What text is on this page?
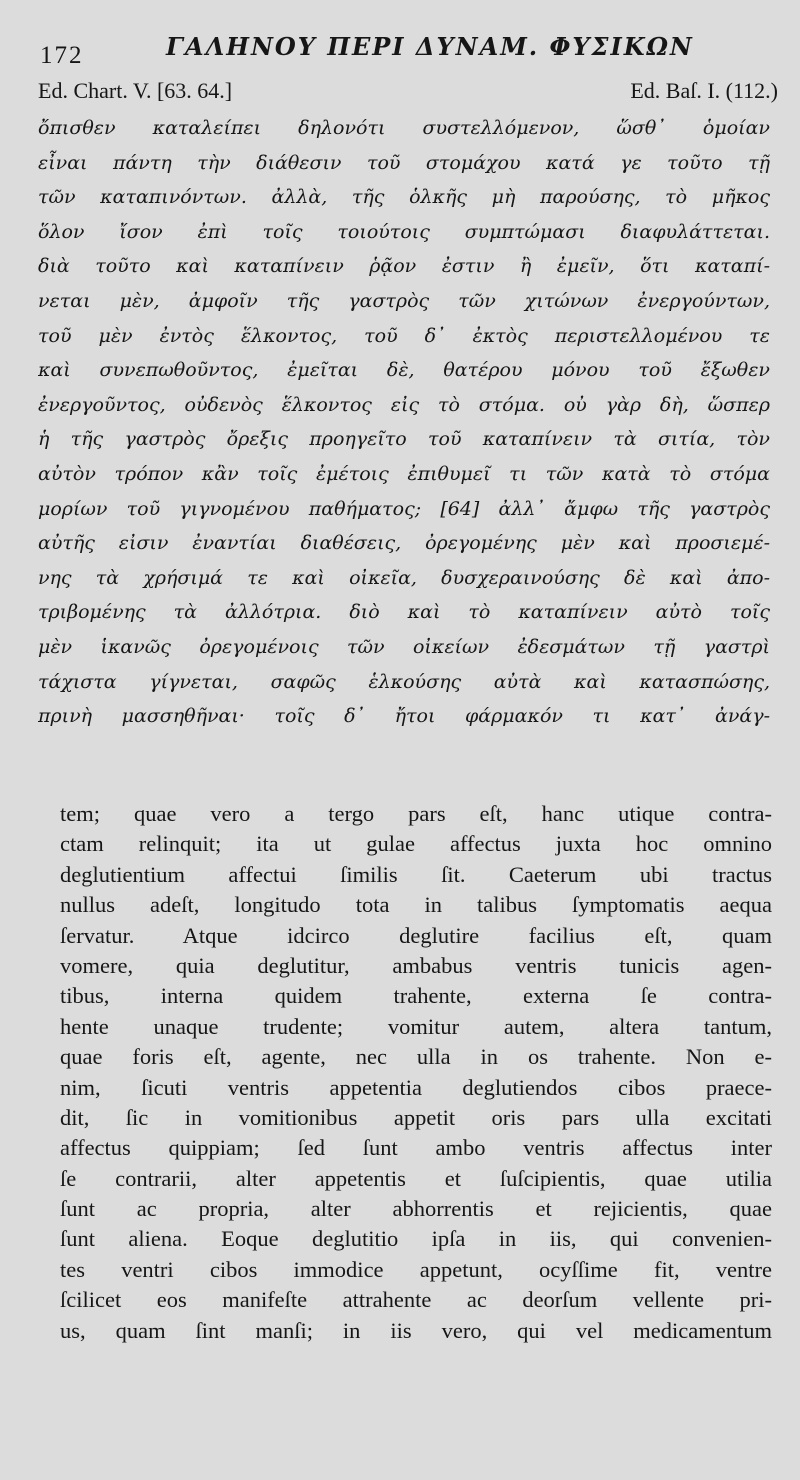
172	ΓΑΛΗΝΟΥ ΠΕΡΙ ΔΥΝΑΜ. ΦΥΣΙΚΩΝ
Ed. Chart. V. [63. 64.]	Ed. Baſ. I. (112.)
ὄπισθεν καταλείπει δηλονότι συστελλόμενον, ὥσθ᾽ ὁμοίαν
εἶναι πάντη τὴν διάθεσιν τοῦ στομάχου κατά γε τοῦτο τῇ
τῶν καταπινόντων. ἀλλὰ, τῆς ὁλκῆς μὴ παρούσης, τὸ μῆκος
ὅλον ἴσον ἐπὶ τοῖς τοιούτοις συμπτώμασι διαφυλάττεται.
διὰ τοῦτο καὶ καταπίνειν ῥᾷον ἐστιν ἢ ἐμεῖν, ὅτι καταπί-
νεται μὲν, ἀμφοῖν τῆς γαστρὸς τῶν χιτώνων ἐνεργούντων,
τοῦ μὲν ἐντὸς ἕλκοντος, τοῦ δ᾽ ἐκτὸς περιστελλομένου τε
καὶ συνεπωθοῦντος, ἐμεῖται δὲ, θατέρου μόνου τοῦ ἔξωθεν
ἐνεργοῦντος, οὐδενὸς ἕλκοντος εἰς τὸ στόμα. οὐ γὰρ δὴ, ὥσπερ
ἡ τῆς γαστρὸς ὄρεξις προηγεῖτο τοῦ καταπίνειν τὰ σιτία, τὸν
αὐτὸν τρόπον κἂν τοῖς ἐμέτοις ἐπιθυμεῖ τι τῶν κατὰ τὸ στόμα
μορίων τοῦ γιγνομένου παθήματος; [64] ἀλλ᾽ ἄμφω τῆς γαστρὸς
αὐτῆς εἰσιν ἐναντίαι διαθέσεις, ὀρεγομένης μὲν καὶ προσιεμέ-
νης τὰ χρήσιμά τε καὶ οἰκεῖα, δυσχεραινούσης δὲ καὶ ἀπο-
τριβομένης τὰ ἀλλότρια. διὸ καὶ τὸ καταπίνειν αὐτὸ τοῖς
μὲν ἱκανῶς ὀρεγομένοις τῶν οἰκείων ἐδεσμάτων τῇ γαστρὶ
τάχιστα γίγνεται, σαφῶς ἑλκούσης αὐτὰ καὶ κατασπώσης,
πρινὴ μασσηθῆναι· τοῖς δ᾽ ἤτοι φάρμακόν τι κατ᾽ ἀνάγ-
tem; quae vero a tergo pars eſt, hanc utique contra-
ctam relinquit; ita ut gulae affectus juxta hoc omnino
deglutientium affectui ſimilis ſit. Caeterum ubi tractus
nullus adeſt, longitudo tota in talibus ſymptomatis aequa
ſervatur. Atque idcirco deglutire facilius eſt, quam
vomere, quia deglutitur, ambabus ventris tunicis agen-
tibus, interna quidem trahente, externa ſe contra-
hente unaque trudente; vomitur autem, altera tantum,
quae foris eſt, agente, nec ulla in os trahente. Non e-
nim, ſicuti ventris appetentia deglutiendos cibos praece-
dit, ſic in vomitionibus appetit oris pars ulla excitati
affectus quippiam; ſed ſunt ambo ventris affectus inter
ſe contrarii, alter appetentis et ſuſcipientis, quae utilia
ſunt ac propria, alter abhorrentis et rejicientis, quae
ſunt aliena. Eoque deglutitio ipſa in iis, qui convenien-
tes ventri cibos immodice appetunt, ocyſſime fit, ventre
ſcilicet eos manifeſte attrahente ac deorſum vellente pri-
us, quam ſint manſi; in iis vero, qui vel medicamentum
